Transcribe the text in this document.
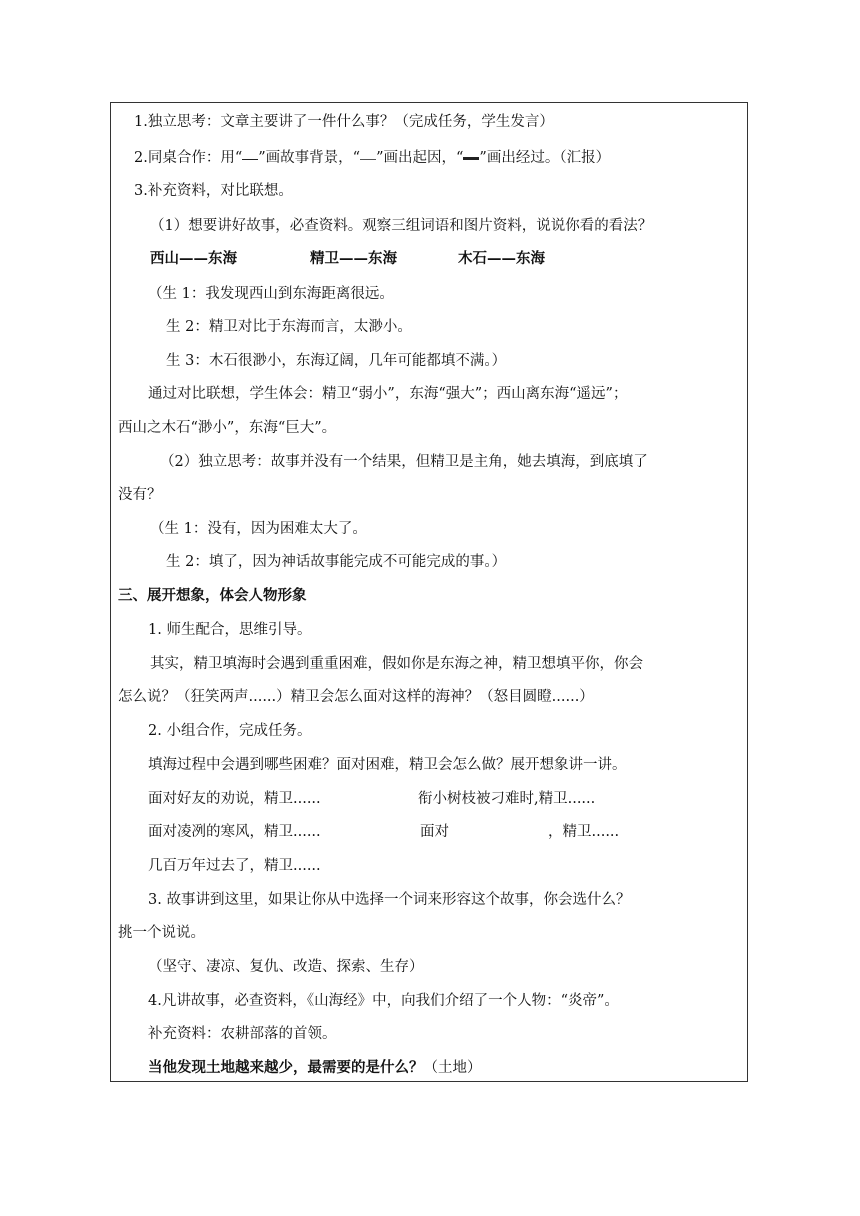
1.独立思考：文章主要讲了一件什么事？（完成任务，学生发言）
2.同桌合作：用“ ”画故事背景，“ ”画出起因，“ ”画出经过。（汇报）
3.补充资料，对比联想。
（1）想要讲好故事，必查资料。观察三组词语和图片资料，说说你看的看法？
西山——东海	精卫——东海	木石——东海
（生 1：我发现西山到东海距离很远。
生 2：精卫对比于东海而言，太渺小。
生 3：木石很渺小，东海辽阔，几年可能都填不满。）
通过对比联想，学生体会：精卫“弱小”，东海“强大”；西山离东海“遥远”；
西山之木石“渺小”，东海“巨大”。
（2）独立思考：故事并没有一个结果，但精卫是主角，她去填海，到底填了
没有？
（生 1：没有，因为困难太大了。
生 2：填了，因为神话故事能完成不可能完成的事。）
三、展开想象，体会人物形象
1. 师生配合，思维引导。
其实，精卫填海时会遇到重重困难，假如你是东海之神，精卫想填平你，你会
怎么说？（狂笑两声......）精卫会怎么面对这样的海神？（怒目圆瞪......）
2. 小组合作，完成任务。
填海过程中会遇到哪些困难？面对困难，精卫会怎么做？展开想象讲一讲。
面对好友的劝说，精卫......	衔小树枝被刁难时,精卫......
面对凌冽的寒风，精卫......	面对	，精卫......
几百万年过去了，精卫......
3. 故事讲到这里，如果让你从中选择一个词来形容这个故事，你会选什么？
挑一个说说。
（坚守、凄凉、复仇、改造、探索、生存）
4.凡讲故事，必查资料，《山海经》中，向我们介绍了一个人物：“炎帝”。
补充资料：农耕部落的首领。
当他发现土地越来越少，最需要的是什么？（土地）
